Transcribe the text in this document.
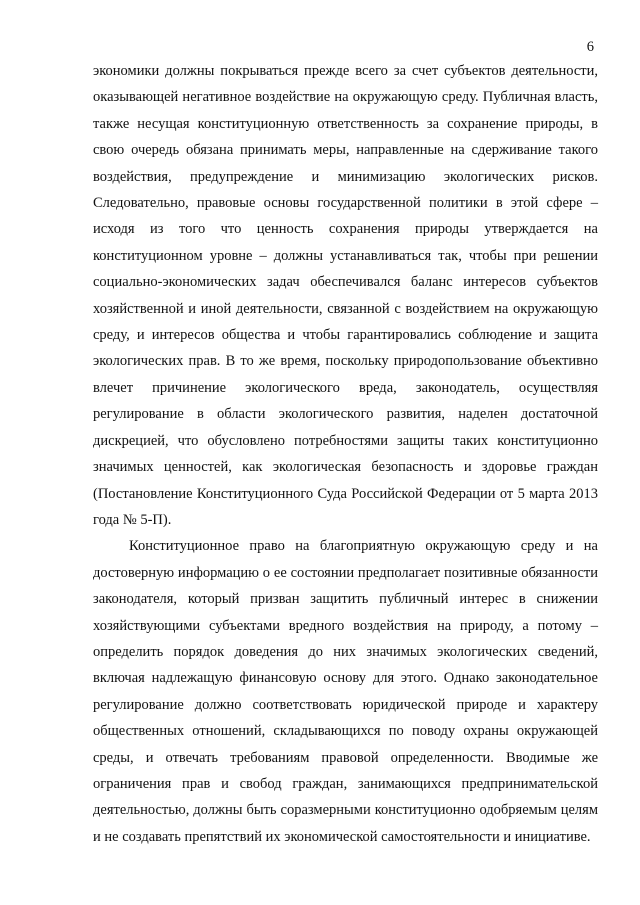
6

экономики должны покрываться прежде всего за счет субъектов деятельности, оказывающей негативное воздействие на окружающую среду. Публичная власть, также несущая конституционную ответственность за сохранение природы, в свою очередь обязана принимать меры, направленные на сдерживание такого воздействия, предупреждение и минимизацию экологических рисков. Следовательно, правовые основы государственной политики в этой сфере – исходя из того что ценность сохранения природы утверждается на конституционном уровне – должны устанавливаться так, чтобы при решении социально-экономических задач обеспечивался баланс интересов субъектов хозяйственной и иной деятельности, связанной с воздействием на окружающую среду, и интересов общества и чтобы гарантировались соблюдение и защита экологических прав. В то же время, поскольку природопользование объективно влечет причинение экологического вреда, законодатель, осуществляя регулирование в области экологического развития, наделен достаточной дискрецией, что обусловлено потребностями защиты таких конституционно значимых ценностей, как экологическая безопасность и здоровье граждан (Постановление Конституционного Суда Российской Федерации от 5 марта 2013 года № 5-П).

Конституционное право на благоприятную окружающую среду и на достоверную информацию о ее состоянии предполагает позитивные обязанности законодателя, который призван защитить публичный интерес в снижении хозяйствующими субъектами вредного воздействия на природу, а потому – определить порядок доведения до них значимых экологических сведений, включая надлежащую финансовую основу для этого. Однако законодательное регулирование должно соответствовать юридической природе и характеру общественных отношений, складывающихся по поводу охраны окружающей среды, и отвечать требованиям правовой определенности. Вводимые же ограничения прав и свобод граждан, занимающихся предпринимательской деятельностью, должны быть соразмерными конституционно одобряемым целям и не создавать препятствий их экономической самостоятельности и инициативе.
